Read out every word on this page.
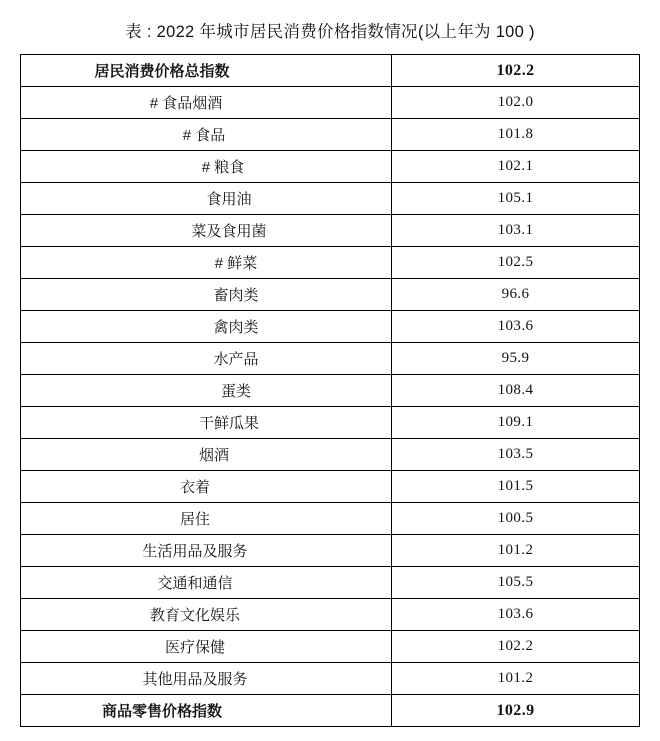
表 : 2022 年城市居民消费价格指数情况(以上年为 100 )
居民消费价格总指数	102.2

# 食品烟酒	102.0

# 食品	101.8

# 粮食	102.1

食用油	105.1

菜及食用菌	103.1

# 鲜菜	102.5

畜肉类	96.6

禽肉类	103.6

水产品	95.9

蛋类	108.4

干鲜瓜果	109.1

烟酒	103.5

衣着	101.5

居住	100.5

生活用品及服务	101.2

交通和通信	105.5

教育文化娱乐	103.6

医疗保健	102.2

其他用品及服务	101.2

商品零售价格指数	102.9
